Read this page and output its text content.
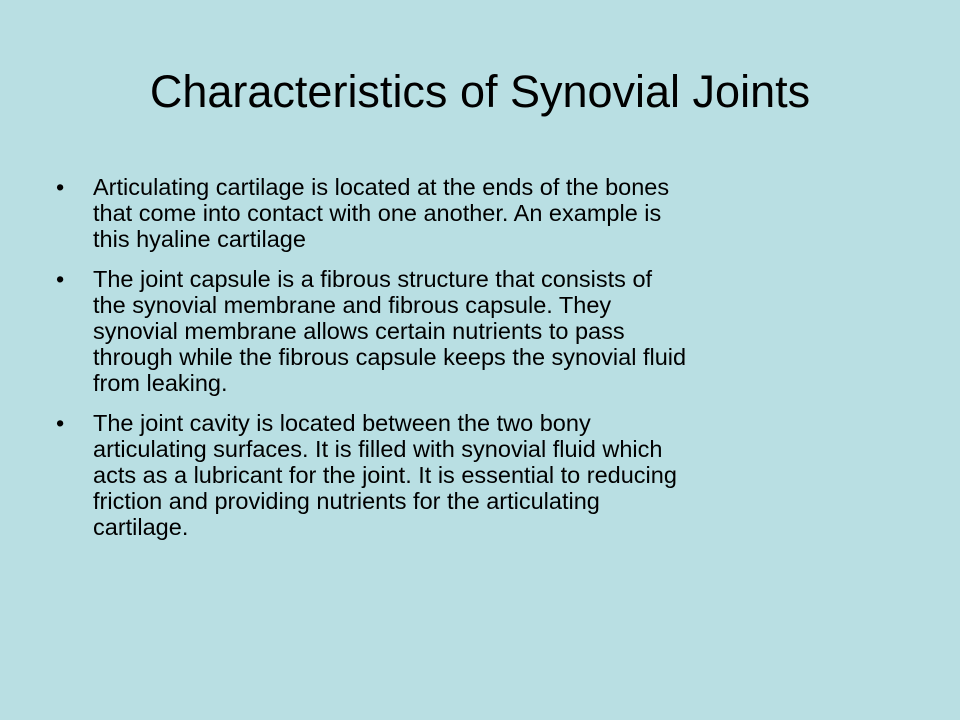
Characteristics of Synovial Joints
•	Articulating cartilage is located at the ends of the bones
that come into contact with one another. An example is
this hyaline cartilage
•	The joint capsule is a fibrous structure that consists of
the synovial membrane and fibrous capsule. They
synovial membrane allows certain nutrients to pass
through while the fibrous capsule keeps the synovial fluid
from leaking.
•	The joint cavity is located between the two bony
articulating surfaces. It is filled with synovial fluid which
acts as a lubricant for the joint. It is essential to reducing
friction and providing nutrients for the articulating
cartilage.
